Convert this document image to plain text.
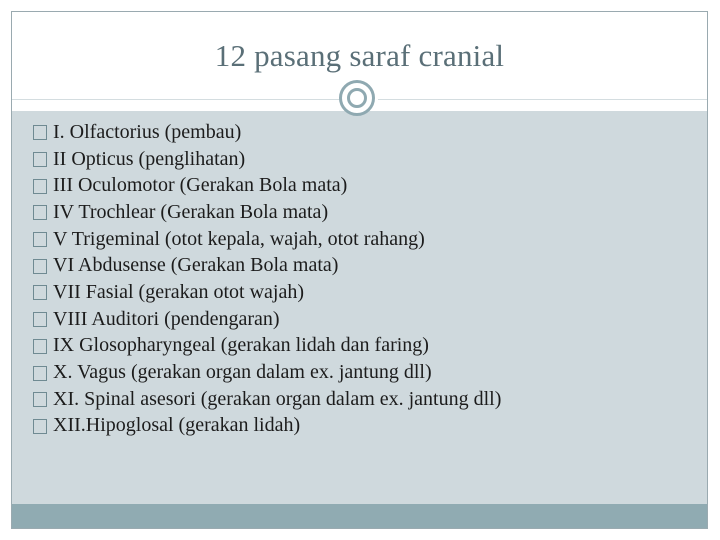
12 pasang saraf cranial
I. Olfactorius (pembau)
II Opticus (penglihatan)
III Oculomotor (Gerakan Bola mata)
IV Trochlear (Gerakan Bola mata)
V Trigeminal (otot kepala, wajah, otot rahang)
VI Abdusense (Gerakan Bola mata)
VII Fasial (gerakan otot wajah)
VIII Auditori (pendengaran)
IX Glosopharyngeal (gerakan lidah dan faring)
X. Vagus (gerakan organ dalam ex. jantung dll)
XI. Spinal asesori (gerakan organ dalam ex. jantung dll)
XII.Hipoglosal (gerakan lidah)
